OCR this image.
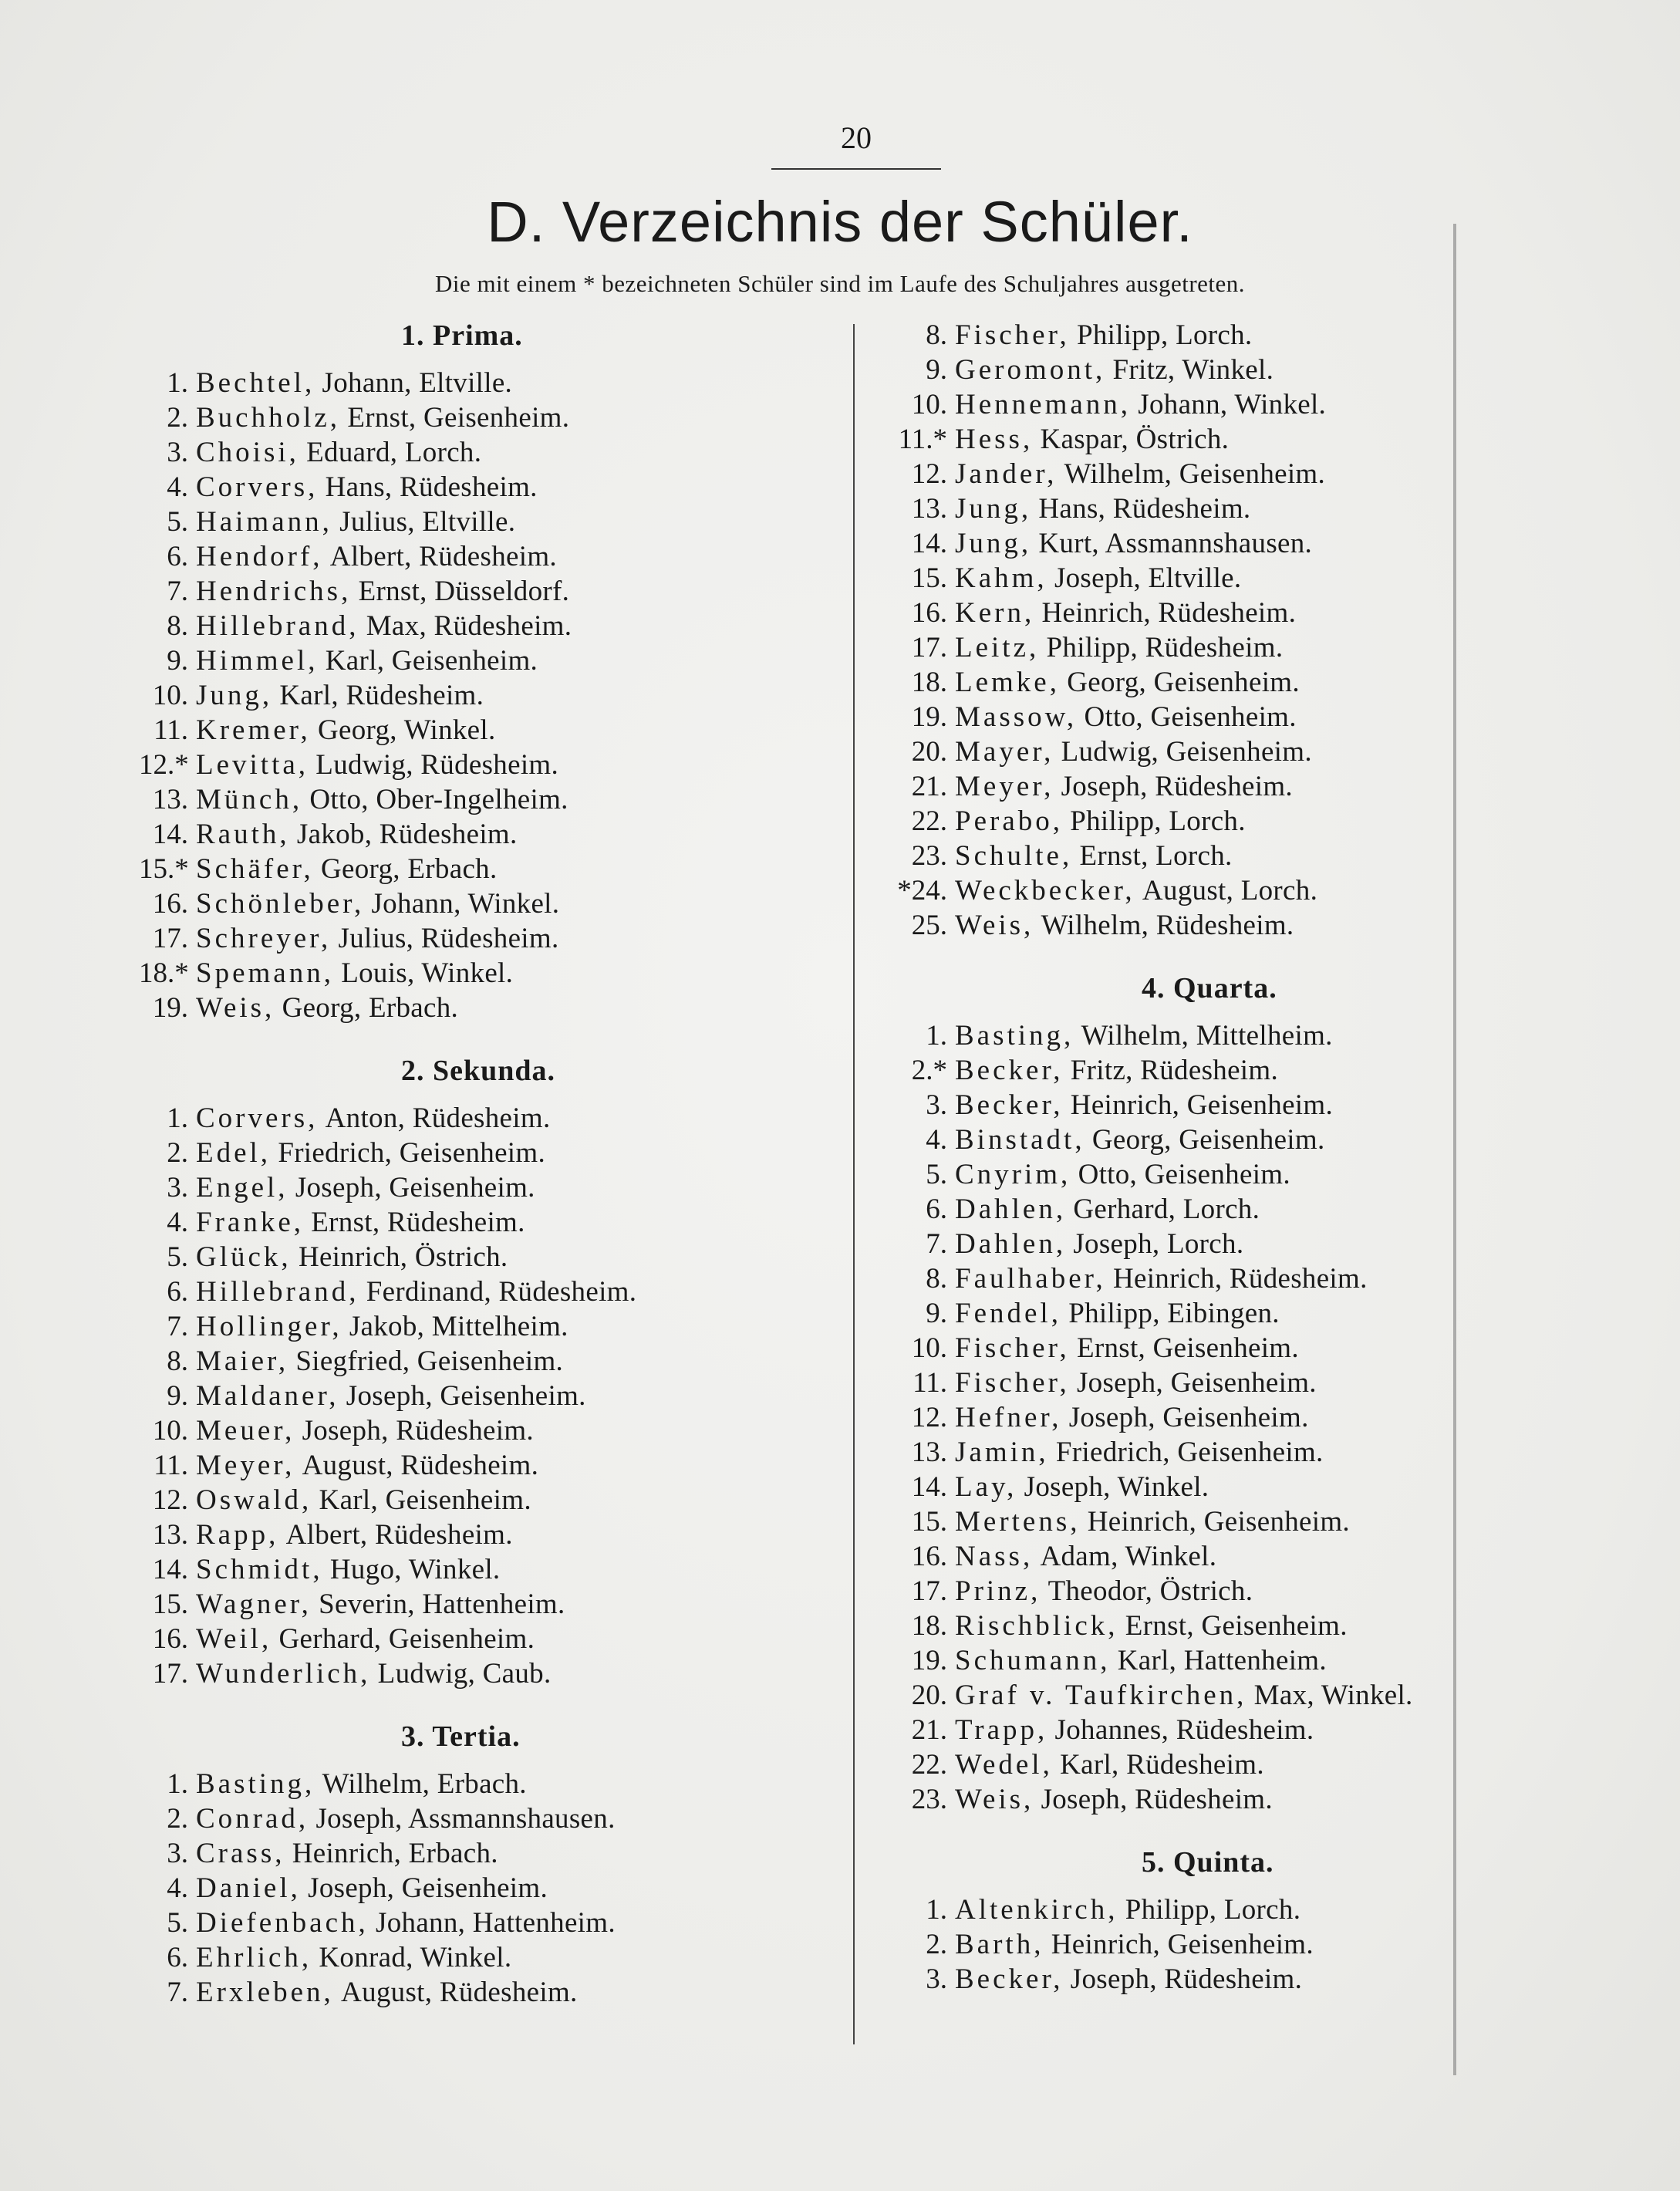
20
D. Verzeichnis der Schüler.
Die mit einem * bezeichneten Schüler sind im Laufe des Schuljahres ausgetreten.
1. Prima.
1. Bechtel, Johann, Eltville.
2. Buchholz, Ernst, Geisenheim.
3. Choisi, Eduard, Lorch.
4. Corvers, Hans, Rüdesheim.
5. Haimann, Julius, Eltville.
6. Hendorf, Albert, Rüdesheim.
7. Hendrichs, Ernst, Düsseldorf.
8. Hillebrand, Max, Rüdesheim.
9. Himmel, Karl, Geisenheim.
10. Jung, Karl, Rüdesheim.
11. Kremer, Georg, Winkel.
12.* Levitta, Ludwig, Rüdesheim.
13. Münch, Otto, Ober-Ingelheim.
14. Rauth, Jakob, Rüdesheim.
15.* Schäfer, Georg, Erbach.
16. Schönleber, Johann, Winkel.
17. Schreyer, Julius, Rüdesheim.
18.* Spemann, Louis, Winkel.
19. Weis, Georg, Erbach.
2. Sekunda.
1. Corvers, Anton, Rüdesheim.
2. Edel, Friedrich, Geisenheim.
3. Engel, Joseph, Geisenheim.
4. Franke, Ernst, Rüdesheim.
5. Glück, Heinrich, Östrich.
6. Hillebrand, Ferdinand, Rüdesheim.
7. Hollinger, Jakob, Mittelheim.
8. Maier, Siegfried, Geisenheim.
9. Maldaner, Joseph, Geisenheim.
10. Meuer, Joseph, Rüdesheim.
11. Meyer, August, Rüdesheim.
12. Oswald, Karl, Geisenheim.
13. Rapp, Albert, Rüdesheim.
14. Schmidt, Hugo, Winkel.
15. Wagner, Severin, Hattenheim.
16. Weil, Gerhard, Geisenheim.
17. Wunderlich, Ludwig, Caub.
3. Tertia.
1. Basting, Wilhelm, Erbach.
2. Conrad, Joseph, Assmannshausen.
3. Crass, Heinrich, Erbach.
4. Daniel, Joseph, Geisenheim.
5. Diefenbach, Johann, Hattenheim.
6. Ehrlich, Konrad, Winkel.
7. Erxleben, August, Rüdesheim.
8. Fischer, Philipp, Lorch.
9. Geromont, Fritz, Winkel.
10. Hennemann, Johann, Winkel.
11.* Hess, Kaspar, Östrich.
12. Jander, Wilhelm, Geisenheim.
13. Jung, Hans, Rüdesheim.
14. Jung, Kurt, Assmannshausen.
15. Kahm, Joseph, Eltville.
16. Kern, Heinrich, Rüdesheim.
17. Leitz, Philipp, Rüdesheim.
18. Lemke, Georg, Geisenheim.
19. Massow, Otto, Geisenheim.
20. Mayer, Ludwig, Geisenheim.
21. Meyer, Joseph, Rüdesheim.
22. Perabo, Philipp, Lorch.
23. Schulte, Ernst, Lorch.
*24. Weckbecker, August, Lorch.
25. Weis, Wilhelm, Rüdesheim.
4. Quarta.
1. Basting, Wilhelm, Mittelheim.
2.* Becker, Fritz, Rüdesheim.
3. Becker, Heinrich, Geisenheim.
4. Binstadt, Georg, Geisenheim.
5. Cnyrim, Otto, Geisenheim.
6. Dahlen, Gerhard, Lorch.
7. Dahlen, Joseph, Lorch.
8. Faulhaber, Heinrich, Rüdesheim.
9. Fendel, Philipp, Eibingen.
10. Fischer, Ernst, Geisenheim.
11. Fischer, Joseph, Geisenheim.
12. Hefner, Joseph, Geisenheim.
13. Jamin, Friedrich, Geisenheim.
14. Lay, Joseph, Winkel.
15. Mertens, Heinrich, Geisenheim.
16. Nass, Adam, Winkel.
17. Prinz, Theodor, Östrich.
18. Rischblick, Ernst, Geisenheim.
19. Schumann, Karl, Hattenheim.
20. Graf v. Taufkirchen, Max, Winkel.
21. Trapp, Johannes, Rüdesheim.
22. Wedel, Karl, Rüdesheim.
23. Weis, Joseph, Rüdesheim.
5. Quinta.
1. Altenkirch, Philipp, Lorch.
2. Barth, Heinrich, Geisenheim.
3. Becker, Joseph, Rüdesheim.
